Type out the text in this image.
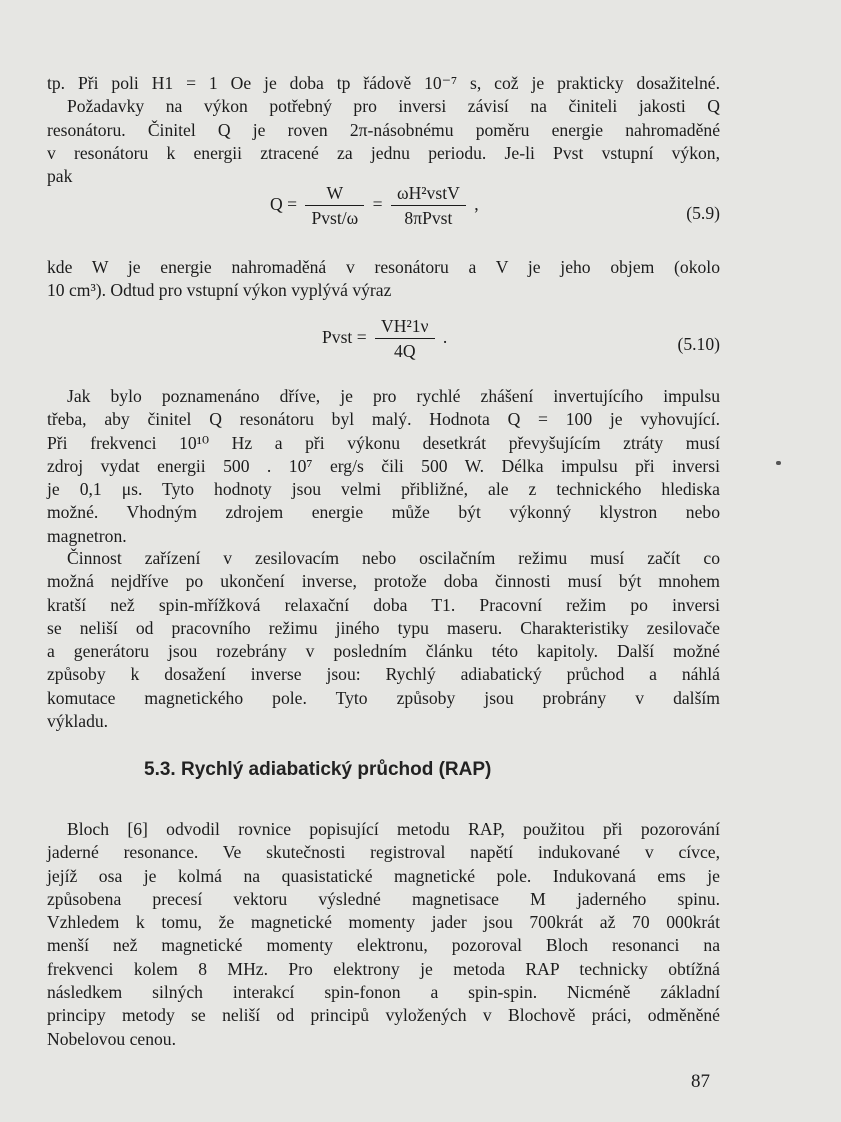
tp. Při poli H1 = 1 Oe je doba tp řádově 10⁻⁷ s, což je prakticky dosažitelné.
Požadavky na výkon potřebný pro inversi závisí na činiteli jakosti Q
resonátoru. Činitel Q je roven 2π-násobnému poměru energie nahromaděné
v resonátoru k energii ztracené za jednu periodu. Je-li Pvst vstupní výkon,
pak
$Q = \frac{W}{\text{Pvst/ω}} = \frac{\text{ωH²vstV}}{\text{8πPvst}}$ ,	(5.9)
kde W je energie nahromaděná v resonátoru a V je jeho objem (okolo
10 cm³). Odtud pro vstupní výkon vyplývá výraz
Pvst = $\frac{\text{VH²1ν}}{4Q}$ .	(5.10)
Jak bylo poznamenáno dříve, je pro rychlé zhášení invertujícího impulsu
třeba, aby činitel Q resonátoru byl malý. Hodnota Q = 100 je vyhovující.
Při frekvenci 10¹⁰ Hz a při výkonu desetkrát převyšujícím ztráty musí
zdroj vydat energii 500 . 10⁷ erg/s čili 500 W. Délka impulsu při inversi
je 0,1 μs. Tyto hodnoty jsou velmi přibližné, ale z technického hlediska
možné. Vhodným zdrojem energie může být výkonný klystron nebo
magnetron.
Činnost zařízení v zesilovacím nebo oscilačním režimu musí začít co
možná nejdříve po ukončení inverse, protože doba činnosti musí být mnohem
kratší než spin-mřížková relaxační doba T1. Pracovní režim po inversi
se neliší od pracovního režimu jiného typu maseru. Charakteristiky zesilovače
a generátoru jsou rozebrány v posledním článku této kapitoly. Další možné
způsoby k dosažení inverse jsou: Rychlý adiabatický průchod a náhlá
komutace magnetického pole. Tyto způsoby jsou probrány v dalším
výkladu.
5.3. Rychlý adiabatický průchod (RAP)
Bloch [6] odvodil rovnice popisující metodu RAP, použitou při pozorování
jaderné resonance. Ve skutečnosti registroval napětí indukované v cívce,
jejíž osa je kolmá na quasistatické magnetické pole. Indukovaná ems je
způsobena precesí vektoru výsledné magnetisace M jaderného spinu.
Vzhledem k tomu, že magnetické momenty jader jsou 700krát až 70 000krát
menší než magnetické momenty elektronu, pozoroval Bloch resonanci na
frekvenci kolem 8 MHz. Pro elektrony je metoda RAP technicky obtížná
následkem silných interakcí spin-fonon a spin-spin. Nicméně základní
principy metody se neliší od principů vyložených v Blochově práci, odměněné
Nobelovou cenou.
87
